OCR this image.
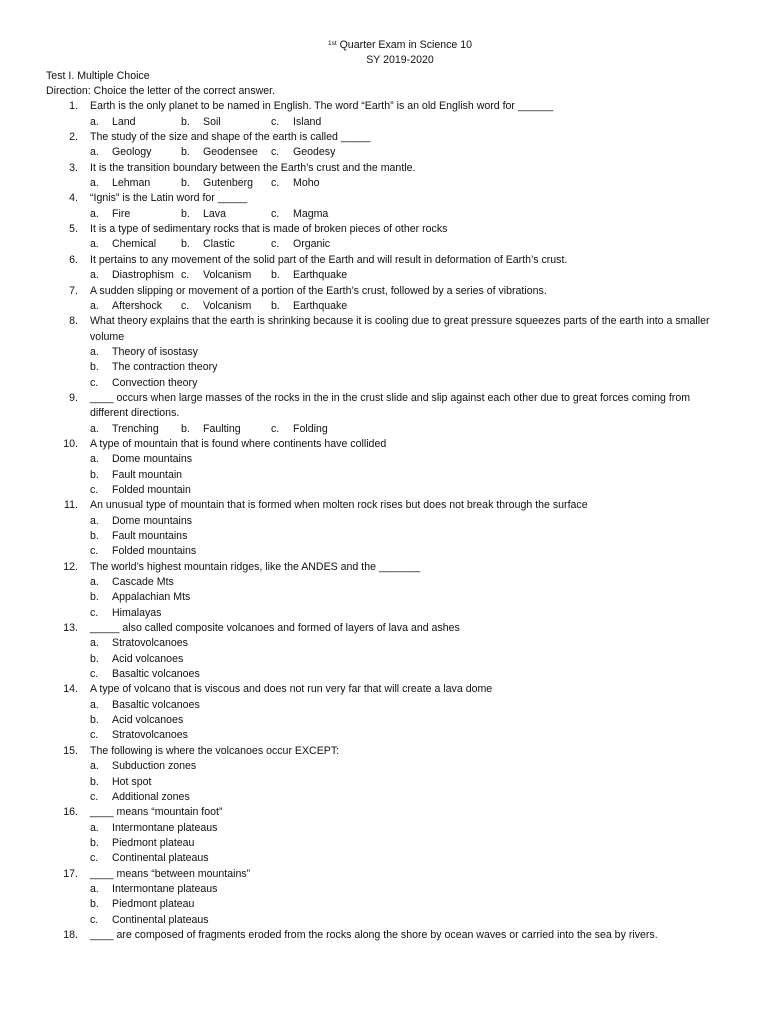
$^{1st}$ Quarter Exam in Science 10
SY 2019-2020
Test I. Multiple Choice
Direction: Choice the letter of the correct answer.
1. Earth is the only planet to be named in English. The word “Earth” is an old English word for ______
a. Land	b. Soil	c. Island
2. The study of the size and shape of the earth is called _____
a. Geology	b. Geodensee c. Geodesy
3. It is the transition boundary between the Earth’s crust and the mantle.
a. Lehman	b. Gutenberg c. Moho
4. “Ignis” is the Latin word for _____
a. Fire	b. Lava	c. Magma
5. It is a type of sedimentary rocks that is made of broken pieces of other rocks
a. Chemical b. Clastic	c. Organic
6. It pertains to any movement of the solid part of the Earth and will result in deformation of Earth’s crust.
a. Diastrophism c. Volcanism b. Earthquake
7. A sudden slipping or movement of a portion of the Earth’s crust, followed by a series of vibrations.
a. Aftershock c. Volcanism b. Earthquake
8. What theory explains that the earth is shrinking because it is cooling due to great pressure squeezes parts of the earth into a smaller volume
a. Theory of isostasy
b. The contraction theory
c. Convection theory
9. ____ occurs when large masses of the rocks in the in the crust slide and slip against each other due to great forces coming from different directions.
a. Trenching b. Faulting	c. Folding
10. A type of mountain that is found where continents have collided
a. Dome mountains
b. Fault mountain
c. Folded mountain
11. An unusual type of mountain that is formed when molten rock rises but does not break through the surface
a. Dome mountains
b. Fault mountains
c. Folded mountains
12. The world’s highest mountain ridges, like the ANDES and the _______
a. Cascade Mts
b. Appalachian Mts
c. Himalayas
13. _____ also called composite volcanoes and formed of layers of lava and ashes
a. Stratovolcanoes
b. Acid volcanoes
c. Basaltic volcanoes
14. A type of volcano that is viscous and does not run very far that will create a lava dome
a. Basaltic volcanoes
b. Acid volcanoes
c. Stratovolcanoes
15. The following is where the volcanoes occur EXCEPT:
a. Subduction zones
b. Hot spot
c. Additional zones
16. ____ means “mountain foot”
a. Intermontane plateaus
b. Piedmont plateau
c. Continental plateaus
17. ____ means “between mountains”
a. Intermontane plateaus
b. Piedmont plateau
c. Continental plateaus
18. ____ are composed of fragments eroded from the rocks along the shore by ocean waves or carried into the sea by rivers.
